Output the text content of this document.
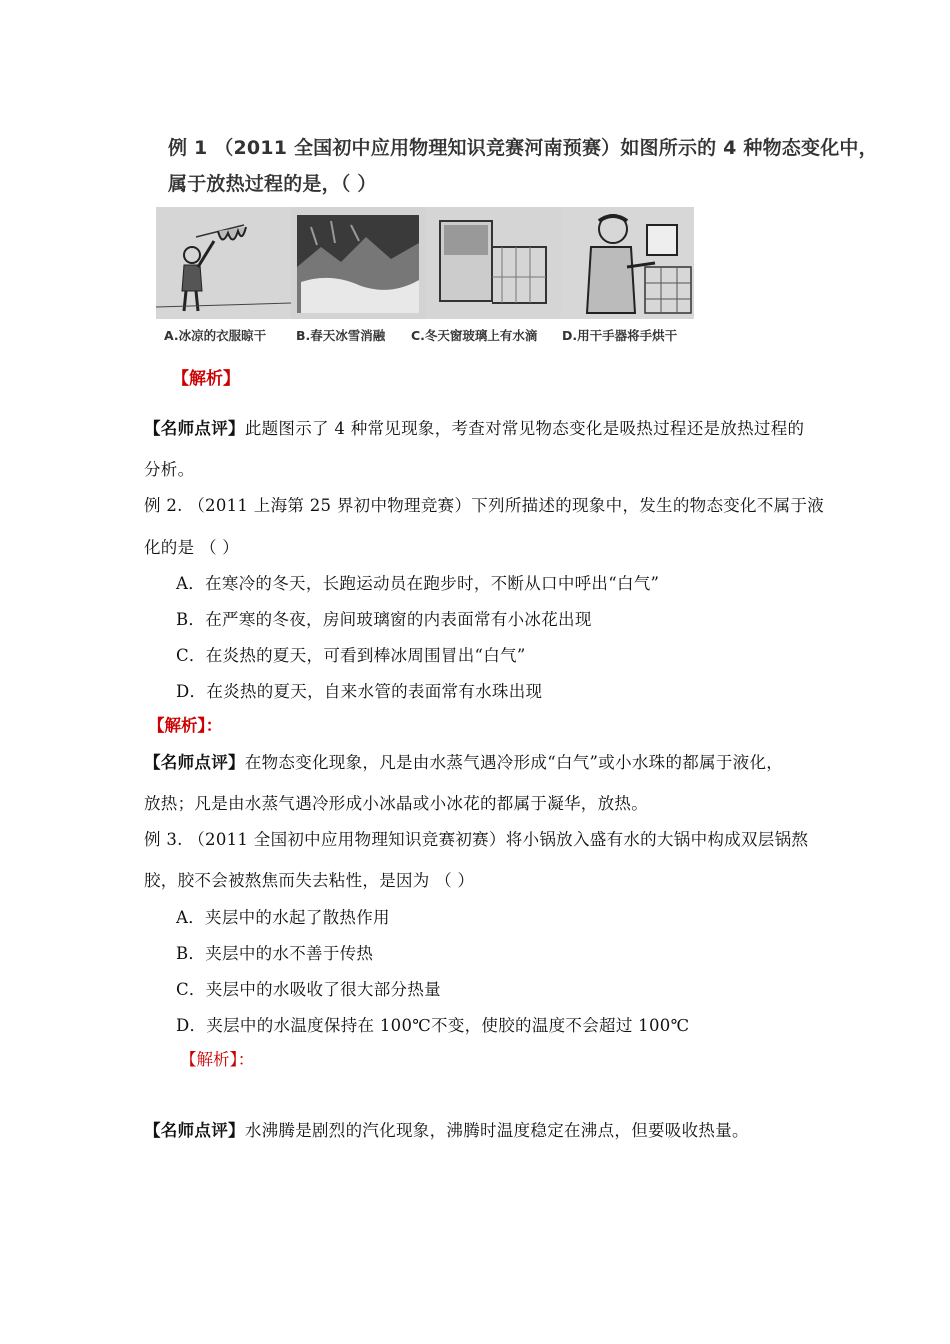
例 1 （2011 全国初中应用物理知识竞赛河南预赛）如图所示的 4 种物态变化中，
属于放热过程的是，（ ）
A.冰凉的衣服晾干 B.春天冰雪消融 C.冬天窗玻璃上有水滴 D.用干手器将手烘干
【解析】
【名师点评】此题图示了 4 种常见现象，考查对常见物态变化是吸热过程还是放热过程的
分析。
例 2. （2011 上海第 25 界初中物理竞赛）下列所描述的现象中，发生的物态变化不属于液
化的是 （ ）
A．在寒冷的冬天，长跑运动员在跑步时，不断从口中呼出“白气”
B．在严寒的冬夜，房间玻璃窗的内表面常有小冰花出现
C．在炎热的夏天，可看到棒冰周围冒出“白气”
D．在炎热的夏天，自来水管的表面常有水珠出现
【解析】：
【名师点评】在物态变化现象，凡是由水蒸气遇冷形成“白气”或小水珠的都属于液化，
放热；凡是由水蒸气遇冷形成小冰晶或小冰花的都属于凝华，放热。
例 3. （2011 全国初中应用物理知识竞赛初赛）将小锅放入盛有水的大锅中构成双层锅熬
胶，胶不会被熬焦而失去粘性，是因为 （ ）
A．夹层中的水起了散热作用
B．夹层中的水不善于传热
C．夹层中的水吸收了很大部分热量
D．夹层中的水温度保持在 100℃不变，使胶的温度不会超过 100℃
【解析】：
【名师点评】水沸腾是剧烈的汽化现象，沸腾时温度稳定在沸点，但要吸收热量。
